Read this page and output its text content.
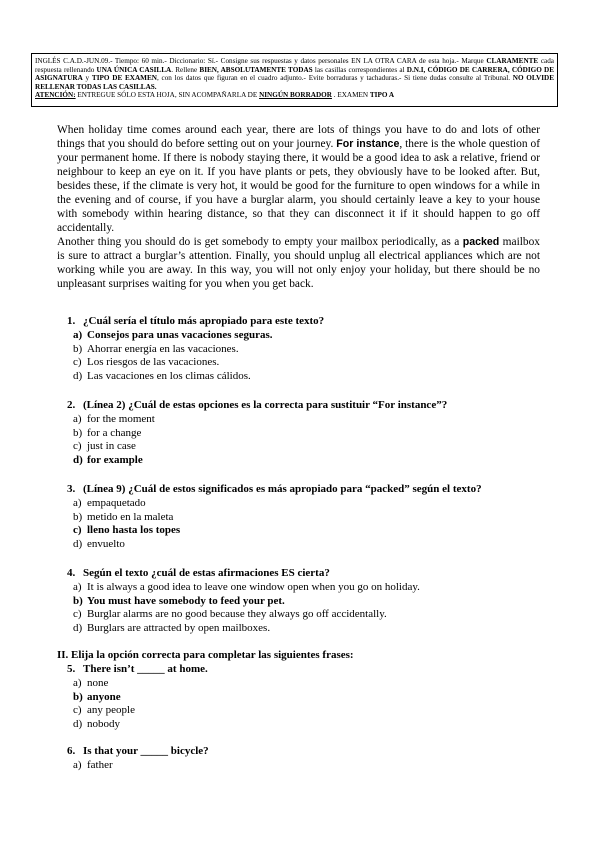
INGLÉS C.A.D.-JUN.09.- Tiempo: 60 min.- Diccionario: Sí.- Consigne sus respuestas y datos personales EN LA OTRA CARA de esta hoja.- Marque CLARAMENTE cada respuesta rellenando UNA ÚNICA CASILLA. Rellene BIEN, ABSOLUTAMENTE TODAS las casillas correspondientes al D.N.I, CÓDIGO DE CARRERA, CÓDIGO DE ASIGNATURA y TIPO DE EXAMEN, con los datos que figuran en el cuadro adjunto.- Evite borraduras y tachaduras.- Si tiene dudas consulte al Tribunal. NO OLVIDE RELLENAR TODAS LAS CASILLAS.
ATENCIÓN: ENTREGUE SÓLO ESTA HOJA, SIN ACOMPAÑARLA DE NINGÚN BORRADOR . EXAMEN TIPO A

When holiday time comes around each year, there are lots of things you have to do and lots of other things that you should do before setting out on your journey. For instance, there is the whole question of your permanent home. If there is nobody staying there, it would be a good idea to ask a relative, friend or neighbour to keep an eye on it. If you have plants or pets, they obviously have to be looked after. But, besides these, if the climate is very hot, it would be good for the furniture to open windows for a while in the evening and of course, if you have a burglar alarm, you should certainly leave a key to your house with somebody within hearing distance, so that they can disconnect it if it should happen to go off accidentally.

Another thing you should do is get somebody to empty your mailbox periodically, as a packed mailbox is sure to attract a burglar’s attention. Finally, you should unplug all electrical appliances which are not working while you are away. In this way, you will not only enjoy your holiday, but there should be no unpleasant surprises waiting for you when you get back.

1. ¿Cuál sería el título más apropiado para este texto?
a) Consejos para unas vacaciones seguras.
b) Ahorrar energía en las vacaciones.
c) Los riesgos de las vacaciones.
d) Las vacaciones en los climas cálidos.
2. (Línea 2) ¿Cuál de estas opciones es la correcta para sustituir “For instance”?
a) for the moment
b) for a change
c) just in case
d) for example
3. (Línea 9) ¿Cuál de estos significados es más apropiado para “packed” según el texto?
a) empaquetado
b) metido en la maleta
c) lleno hasta los topes
d) envuelto
4. Según el texto ¿cuál de estas afirmaciones ES cierta?
a) It is always a good idea to leave one window open when you go on holiday.
b) You must have somebody to feed your pet.
c) Burglar alarms are no good because they always go off accidentally.
d) Burglars are attracted by open mailboxes.
II. Elija la opción correcta para completar las siguientes frases:
5. There isn’t _____ at home.
a) none
b) anyone
c) any people
d) nobody
6. Is that your _____ bicycle?
a) father
